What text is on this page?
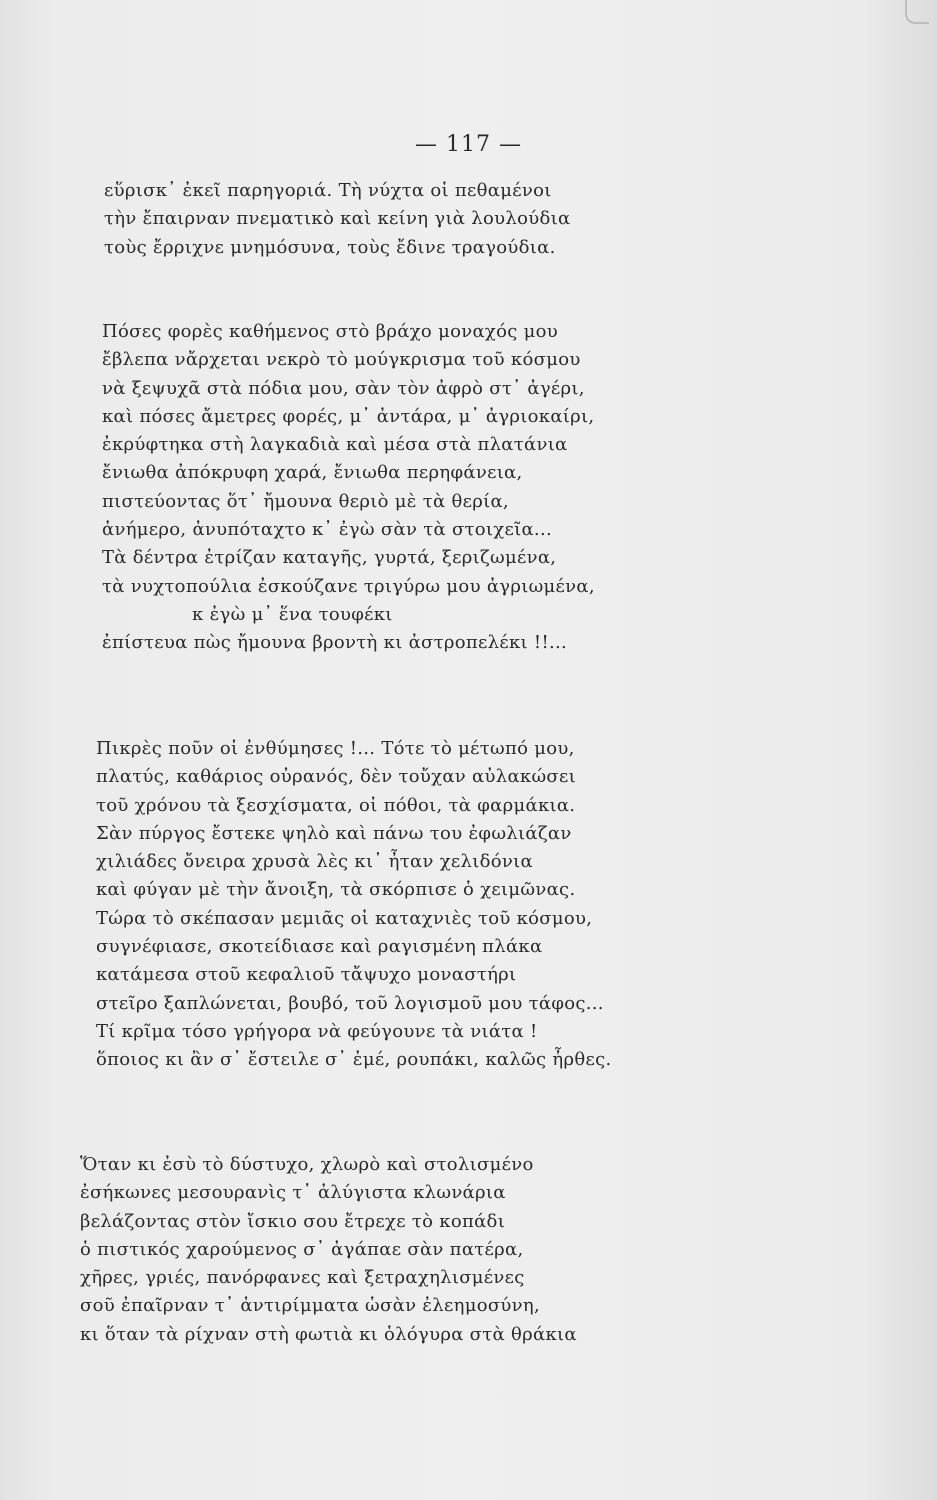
— 117 —
εὕρισκ᾿ ἐκεῖ παρηγοριά. Τὴ νύχτα οἱ πεθαμένοι
τὴν ἔπαιρναν πνεματικὸ καὶ κείνη γιὰ λουλούδια
τοὺς ἔρριχνε μνημόσυνα, τοὺς ἔδινε τραγούδια.
Πόσες φορὲς καθήμενος στὸ βράχο μοναχός μου
ἔβλεπα νἄρχεται νεκρὸ τὸ μούγκρισμα τοῦ κόσμου
νὰ ξεψυχᾶ στὰ πόδια μου, σὰν τὸν ἀφρὸ στ᾿ ἀγέρι,
καὶ πόσες ἄμετρες φορές, μ᾿ ἀντάρα, μ᾿ ἀγριοκαίρι,
ἐκρύφτηκα στὴ λαγκαδιὰ καὶ μέσα στὰ πλατάνια
ἔνιωθα ἀπόκρυφη χαρά, ἔνιωθα περηφάνεια,
πιστεύοντας ὅτ᾿ ἤμουνα θεριὸ μὲ τὰ θερία,
ἀνήμερο, ἀνυπόταχτο κ᾿ ἐγὼ σὰν τὰ στοιχεῖα...
Τὰ δέντρα ἐτρίζαν καταγῆς, γυρτά, ξεριζωμένα,
τὰ νυχτοπούλια ἐσκούζανε τριγύρω μου ἀγριωμένα,
κ ἐγὼ μ᾿ ἕνα τουφέκι
ἐπίστευα πὼς ἤμουνα βροντὴ κι ἀστροπελέκι !!...
Πικρὲς ποῦν οἱ ἐνθύμησες !... Τότε τὸ μέτωπό μου,
πλατύς, καθάριος οὐρανός, δὲν τοὔχαν αὐλακώσει
τοῦ χρόνου τὰ ξεσχίσματα, οἱ πόθοι, τὰ φαρμάκια.
Σὰν πύργος ἔστεκε ψηλὸ καὶ πάνω του ἐφωλιάζαν
χιλιάδες ὄνειρα χρυσὰ λὲς κι᾿ ἦταν χελιδόνια
καὶ φύγαν μὲ τὴν ἄνοιξη, τὰ σκόρπισε ὁ χειμῶνας.
Τώρα τὸ σκέπασαν μεμιᾶς οἱ καταχνιὲς τοῦ κόσμου,
συγνέφιασε, σκοτείδιασε καὶ ραγισμένη πλάκα
κατάμεσα στοῦ κεφαλιοῦ τἄψυχο μοναστήρι
στεῖρο ξαπλώνεται, βουβό, τοῦ λογισμοῦ μου τάφος...
Τί κρῖμα τόσο γρήγορα νὰ φεύγουνε τὰ νιάτα !
ὅποιος κι ἂν σ᾿ ἔστειλε σ᾿ ἐμέ, ρουπάκι, καλῶς ἦρθες.
Ὅταν κι ἐσὺ τὸ δύστυχο, χλωρὸ καὶ στολισμένο
ἐσήκωνες μεσουρανὶς τ᾿ ἀλύγιστα κλωνάρια
βελάζοντας στὸν ἴσκιο σου ἔτρεχε τὸ κοπάδι
ὁ πιστικός χαρούμενος σ᾿ ἀγάπαε σὰν πατέρα,
χῆρες, γριές, πανόρφανες καὶ ξετραχηλισμένες
σοῦ ἐπαῖρναν τ᾿ ἀντιρίμματα ὡσὰν ἐλεημοσύνη,
κι ὅταν τὰ ρίχναν στὴ φωτιὰ κι ὁλόγυρα στὰ θράκια
